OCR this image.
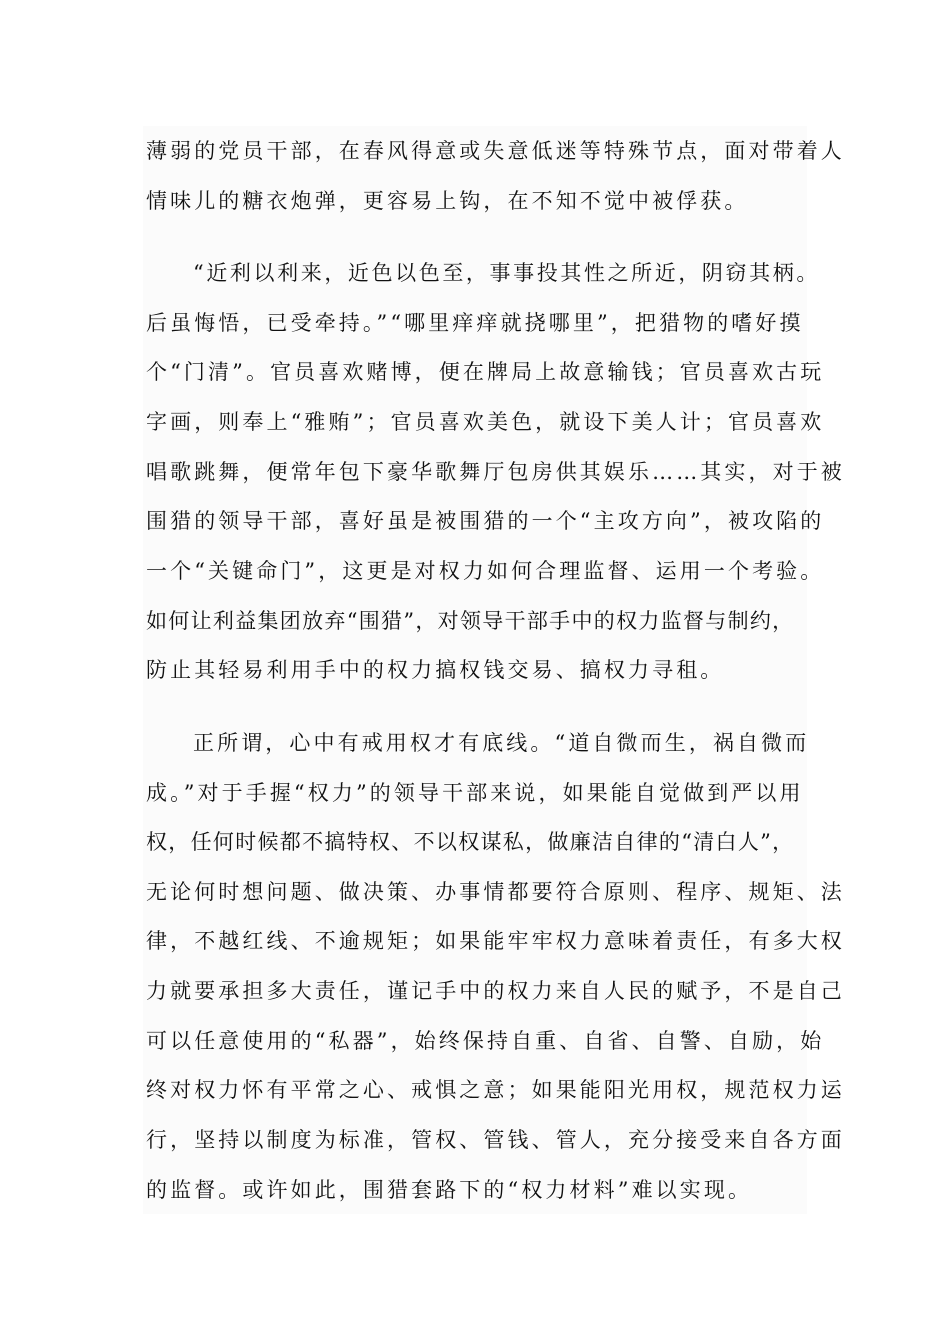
薄弱的党员干部，在春风得意或失意低迷等特殊节点，面对带着人
情味儿的糖衣炮弹，更容易上钩，在不知不觉中被俘获。
“近利以利来，近色以色至，事事投其性之所近，阴窃其柄。
后虽悔悟，已受牵持。”“哪里痒痒就挠哪里”，把猎物的嗜好摸
个“门清”。官员喜欢赌博，便在牌局上故意输钱；官员喜欢古玩
字画，则奉上“雅贿”；官员喜欢美色，就设下美人计；官员喜欢
唱歌跳舞，便常年包下豪华歌舞厅包房供其娱乐……其实，对于被
围猎的领导干部，喜好虽是被围猎的一个“主攻方向”，被攻陷的
一个“关键命门”，这更是对权力如何合理监督、运用一个考验。
如何让利益集团放弃“围猎”，对领导干部手中的权力监督与制约，
防止其轻易利用手中的权力搞权钱交易、搞权力寻租。
正所谓，心中有戒用权才有底线。“道自微而生，祸自微而
成。”对于手握“权力”的领导干部来说，如果能自觉做到严以用
权，任何时候都不搞特权、不以权谋私，做廉洁自律的“清白人”，
无论何时想问题、做决策、办事情都要符合原则、程序、规矩、法
律，不越红线、不逾规矩；如果能牢牢权力意味着责任，有多大权
力就要承担多大责任，谨记手中的权力来自人民的赋予，不是自己
可以任意使用的“私器”，始终保持自重、自省、自警、自励，始
终对权力怀有平常之心、戒惧之意；如果能阳光用权，规范权力运
行，坚持以制度为标准，管权、管钱、管人，充分接受来自各方面
的监督。或许如此，围猎套路下的“权力材料”难以实现。
